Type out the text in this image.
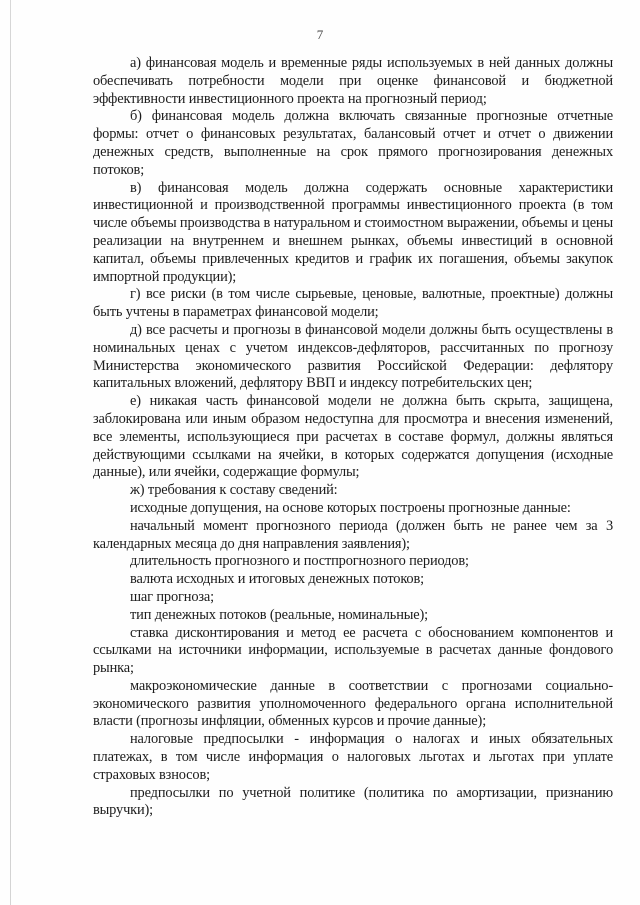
7

а) финансовая модель и временные ряды используемых в ней данных должны обеспечивать потребности модели при оценке финансовой и бюджетной эффективности инвестиционного проекта на прогнозный период;

б) финансовая модель должна включать связанные прогнозные отчетные формы: отчет о финансовых результатах, балансовый отчет и отчет о движении денежных средств, выполненные на срок прямого прогнозирования денежных потоков;

в) финансовая модель должна содержать основные характеристики инвестиционной и производственной программы инвестиционного проекта (в том числе объемы производства в натуральном и стоимостном выражении, объемы и цены реализации на внутреннем и внешнем рынках, объемы инвестиций в основной капитал, объемы привлеченных кредитов и график их погашения, объемы закупок импортной продукции);

г) все риски (в том числе сырьевые, ценовые, валютные, проектные) должны быть учтены в параметрах финансовой модели;

д) все расчеты и прогнозы в финансовой модели должны быть осуществлены в номинальных ценах с учетом индексов-дефляторов, рассчитанных по прогнозу Министерства экономического развития Российской Федерации: дефлятору капитальных вложений, дефлятору ВВП и индексу потребительских цен;

е) никакая часть финансовой модели не должна быть скрыта, защищена, заблокирована или иным образом недоступна для просмотра и внесения изменений, все элементы, использующиеся при расчетах в составе формул, должны являться действующими ссылками на ячейки, в которых содержатся допущения (исходные данные), или ячейки, содержащие формулы;

ж) требования к составу сведений:

исходные допущения, на основе которых построены прогнозные данные:

начальный момент прогнозного периода (должен быть не ранее чем за 3 календарных месяца до дня направления заявления);

длительность прогнозного и постпрогнозного периодов;

валюта исходных и итоговых денежных потоков;

шаг прогноза;

тип денежных потоков (реальные, номинальные);

ставка дисконтирования и метод ее расчета с обоснованием компонентов и ссылками на источники информации, используемые в расчетах данные фондового рынка;

макроэкономические данные в соответствии с прогнозами социально-экономического развития уполномоченного федерального органа исполнительной власти (прогнозы инфляции, обменных курсов и прочие данные);

налоговые предпосылки - информация о налогах и иных обязательных платежах, в том числе информация о налоговых льготах и льготах при уплате страховых взносов;

предпосылки по учетной политике (политика по амортизации, признанию выручки);
